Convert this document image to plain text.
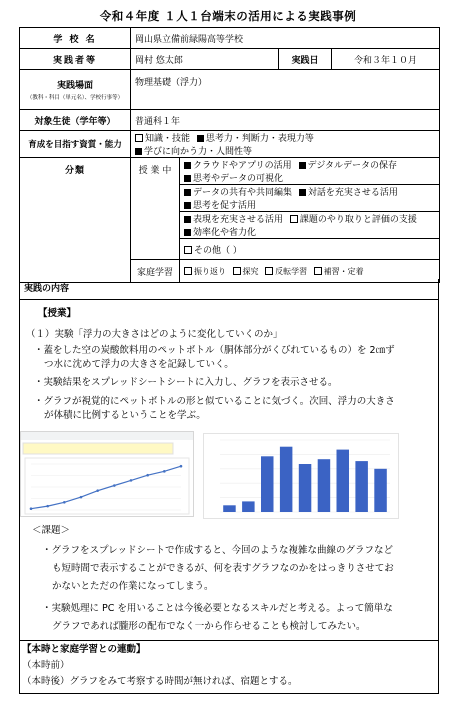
令和４年度 １人１台端末の活用による実践事例
学 校 名	岡山県立備前緑陽高等学校			
実践者等	岡村 悠太郎		実践日	令和３年１０月
実践場面
（教科・科目（単元名）、学校行事等）	物理基礎（浮力）			
対象生徒（学年等）	普通科１年			
育成を目指す資質・能力	知識・技能 思考力・判断力・表現力等 学びに向かう力・人間性等			
分類	授 業 中	クラウドやアプリの活用 デジタルデータの保存 思考やデータの可視化		
		データの共有や共同編集 対話を充実させる活用 思考を促す活用		
		表現を充実させる活用 課題のやり取りと評価の支援 効率化や省力化		
		その他（ ）		
	家庭学習	振り返り 探究 反転学習 補習・定着		
実践の内容
【授業】
（１）実験「浮力の大きさはどのように変化していくのか」
・蓋をした空の炭酸飲料用のペットボトル（胴体部分がくびれているもの）を 2㎝ず
つ水に沈めて浮力の大きさを記録していく。
・実験結果をスプレッドシートシートに入力し、グラフを表示させる。
・グラフが視覚的にペットボトルの形と似ていることに気づく。次回、浮力の大きさ
が体積に比例するということを学ぶ。
＜課題＞
・グラフをスプレッドシートで作成すると、今回のような複雑な曲線のグラフなど
も短時間で表示することができるが、何を表すグラフなのかをはっきりさせてお
かないとただの作業になってしまう。
・実験処理に PC を用いることは今後必要となるスキルだと考える。よって簡単な
グラフであれば朧形の配布でなく一から作らせることも検討してみたい。
【本時と家庭学習との連動】
（本時前）
（本時後）グラフをみて考察する時間が無ければ、宿題とする。
